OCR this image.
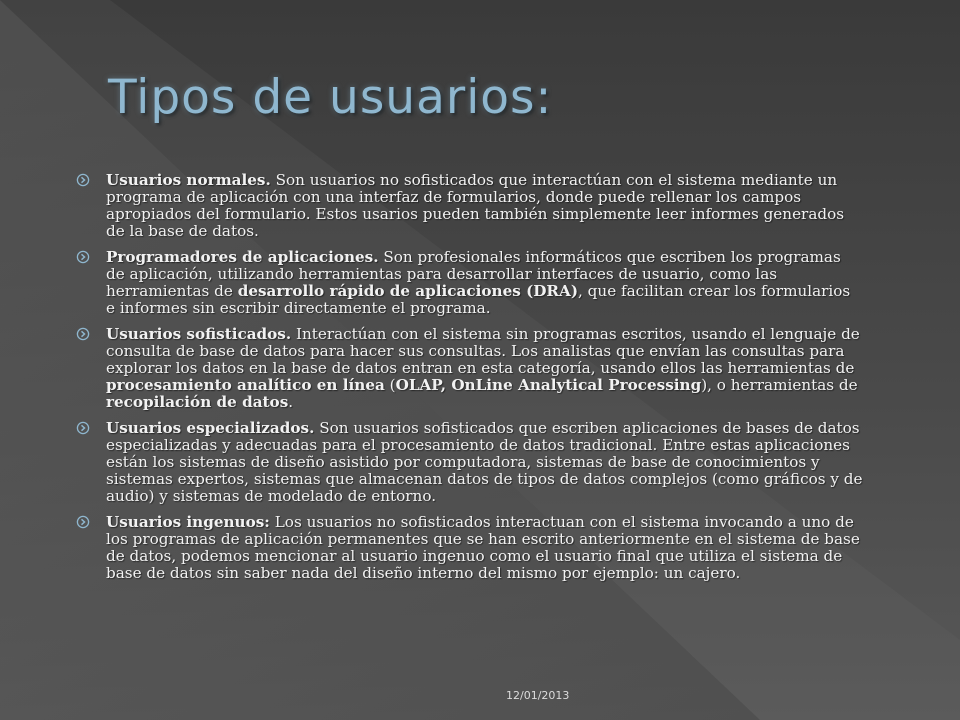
Tipos de usuarios:
Usuarios normales. Son usuarios no sofisticados que interactúan con el sistema mediante un programa de aplicación con una interfaz de formularios, donde puede rellenar los campos apropiados del formulario. Estos usarios pueden también simplemente leer informes generados de la base de datos.
Programadores de aplicaciones. Son profesionales informáticos que escriben los programas de aplicación, utilizando herramientas para desarrollar interfaces de usuario, como las herramientas de desarrollo rápido de aplicaciones (DRA), que facilitan crear los formularios e informes sin escribir directamente el programa.
Usuarios sofisticados. Interactúan con el sistema sin programas escritos, usando el lenguaje de consulta de base de datos para hacer sus consultas. Los analistas que envían las consultas para explorar los datos en la base de datos entran en esta categoría, usando ellos las herramientas de procesamiento analítico en línea (OLAP, OnLine Analytical Processing), o herramientas de recopilación de datos.
Usuarios especializados. Son usuarios sofisticados que escriben aplicaciones de bases de datos especializadas y adecuadas para el procesamiento de datos tradicional. Entre estas aplicaciones están los sistemas de diseño asistido por computadora, sistemas de base de conocimientos y sistemas expertos, sistemas que almacenan datos de tipos de datos complejos (como gráficos y de audio) y sistemas de modelado de entorno.
Usuarios ingenuos: Los usuarios no sofisticados interactuan con el sistema invocando a uno de los programas de aplicación permanentes que se han escrito anteriormente en el sistema de base de datos, podemos mencionar al usuario ingenuo como el usuario final que utiliza el sistema de base de datos sin saber nada del diseño interno del mismo por ejemplo: un cajero.
12/01/2013
